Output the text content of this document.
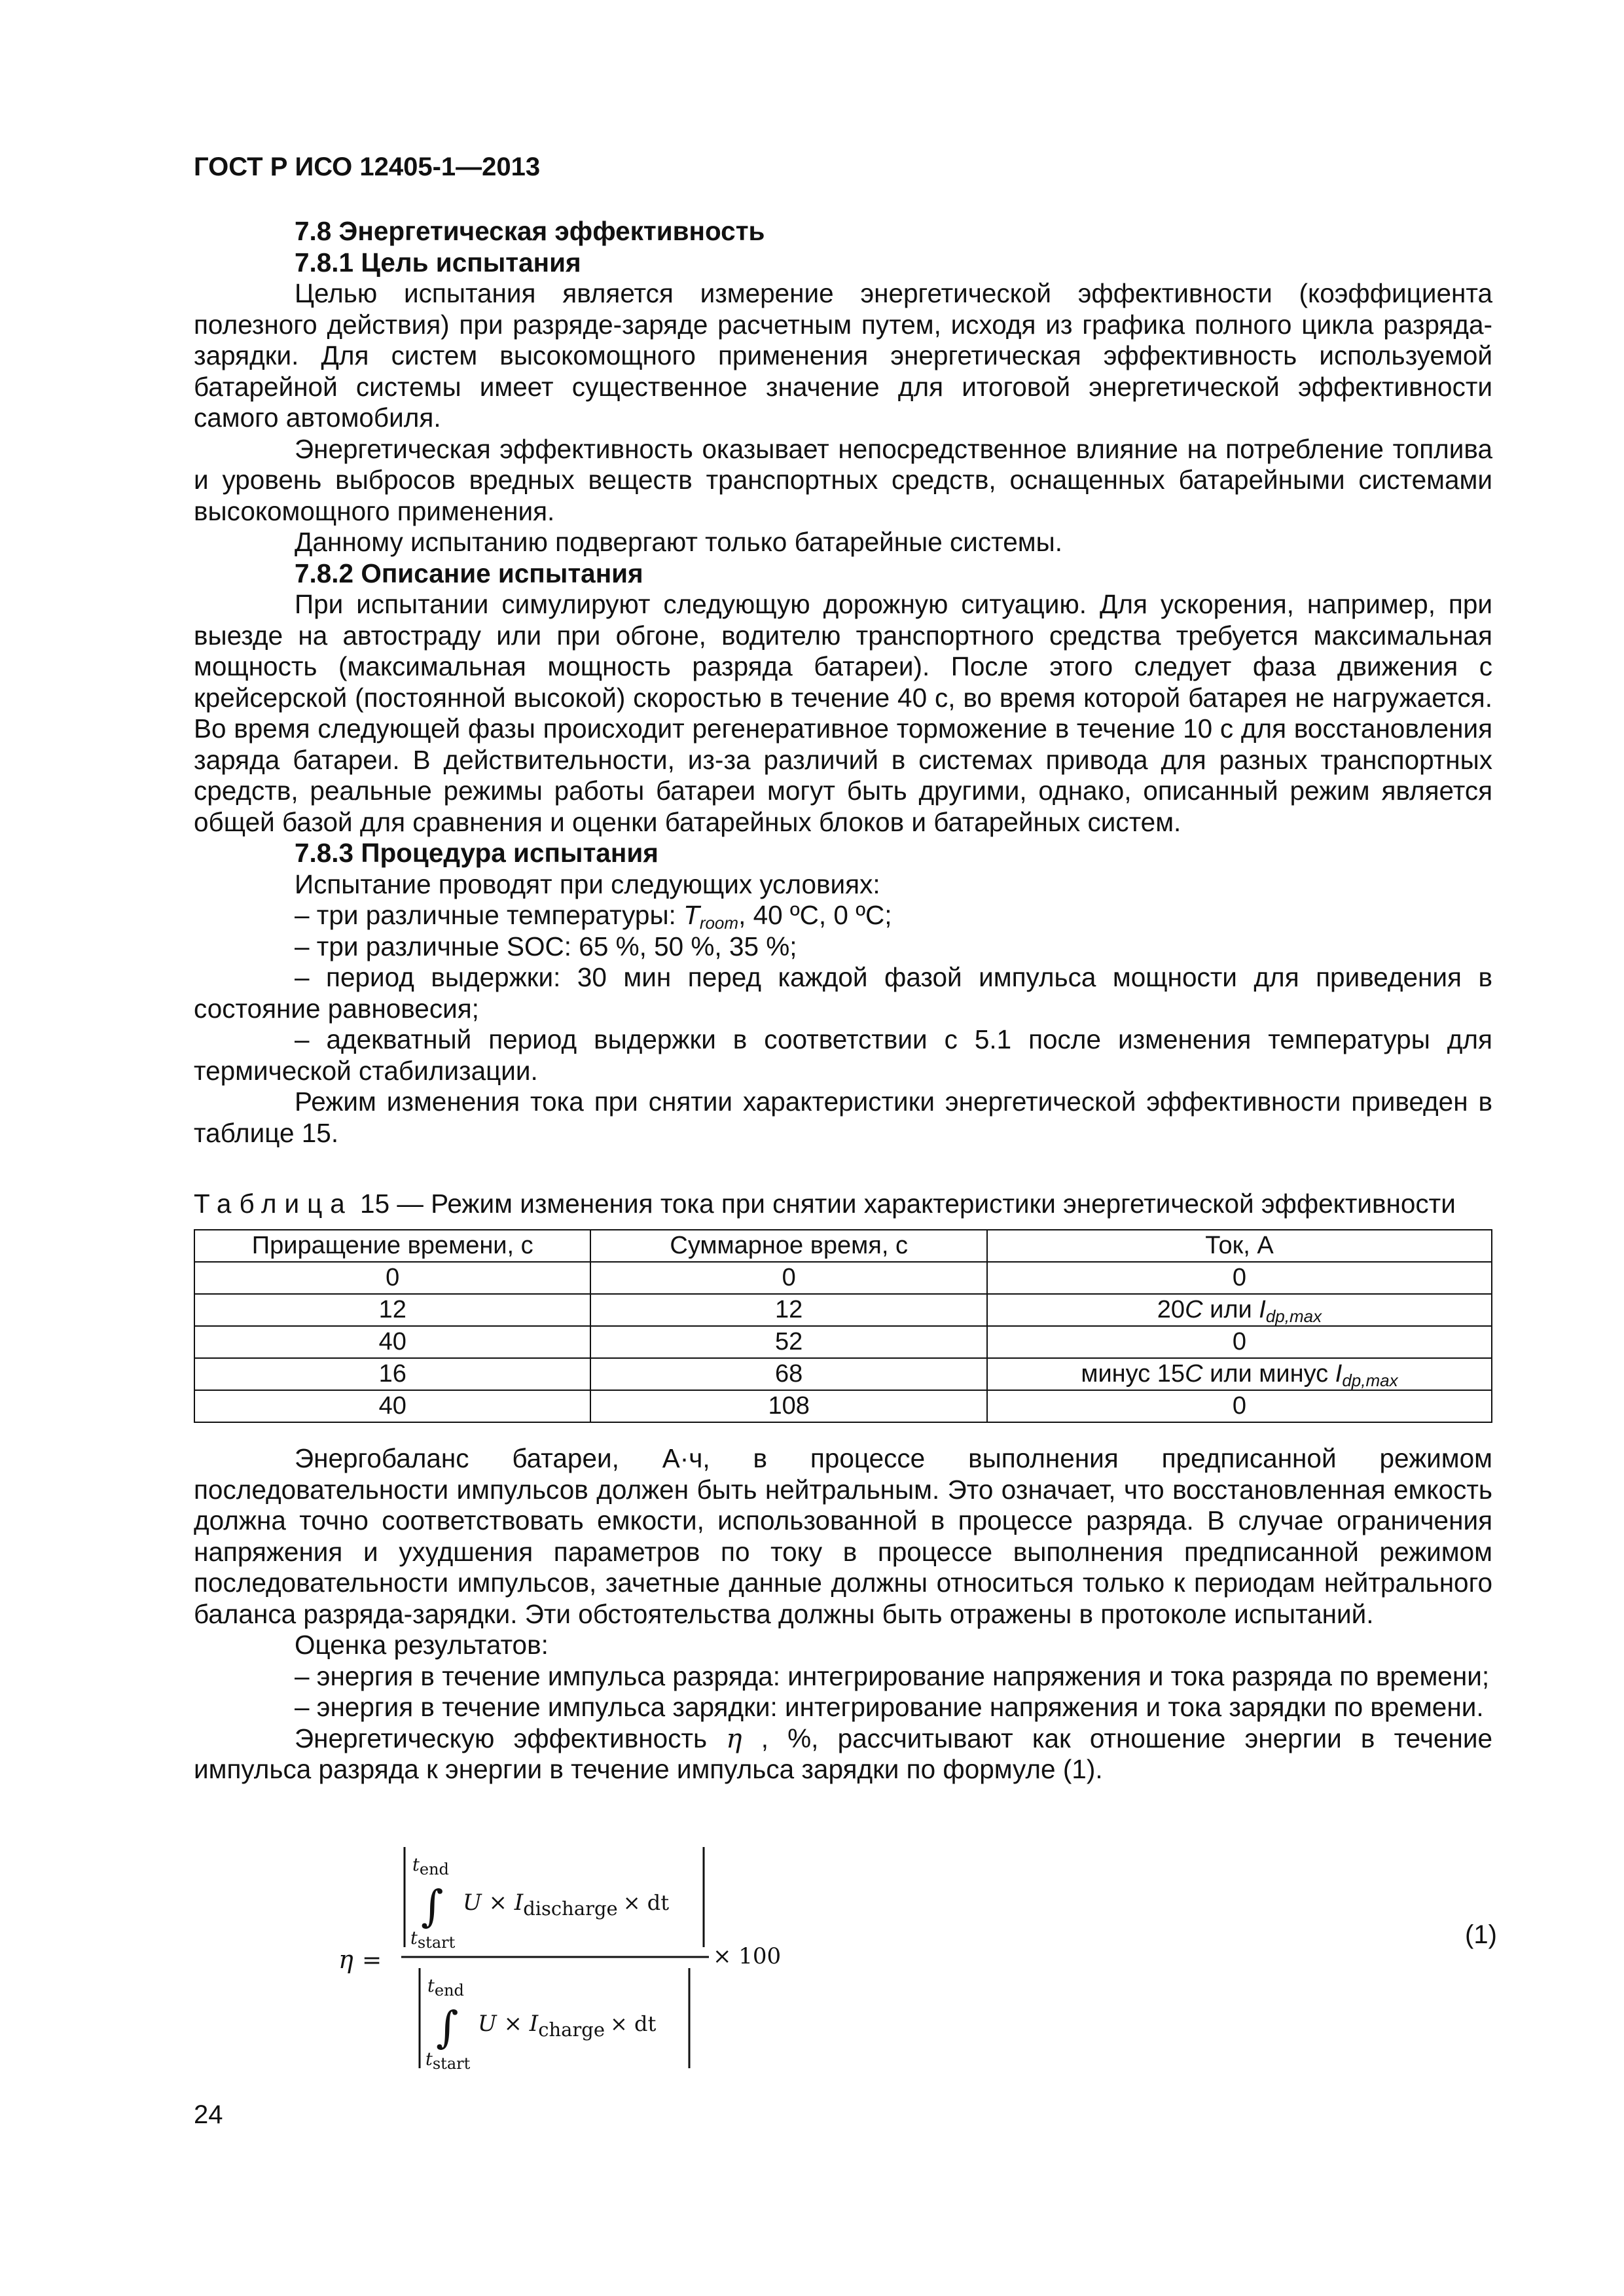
ГОСТ Р ИСО 12405-1—2013

7.8 Энергетическая эффективность

7.8.1 Цель испытания

Целью испытания является измерение энергетической эффективности (коэффициента полезного действия) при разряде-заряде расчетным путем, исходя из графика полного цикла разряда-зарядки. Для систем высокомощного применения энергетическая эффективность используемой батарейной системы имеет существенное значение для итоговой энергетической эффективности самого автомобиля.

Энергетическая эффективность оказывает непосредственное влияние на потребление топлива и уровень выбросов вредных веществ транспортных средств, оснащенных батарейными системами высокомощного применения.

Данному испытанию подвергают только батарейные системы.

7.8.2 Описание испытания

При испытании симулируют следующую дорожную ситуацию. Для ускорения, например, при выезде на автостраду или при обгоне, водителю транспортного средства требуется максимальная мощность (максимальная мощность разряда батареи). После этого следует фаза движения с крейсерской (постоянной высокой) скоростью в течение 40 с, во время которой батарея не нагружается. Во время следующей фазы происходит регенеративное торможение в течение 10 с для восстановления заряда батареи. В действительности, из-за различий в системах привода для разных транспортных средств, реальные режимы работы батареи могут быть другими, однако, описанный режим является общей базой для сравнения и оценки батарейных блоков и батарейных систем.

7.8.3 Процедура испытания

Испытание проводят при следующих условиях:

– три различные температуры: $T_{room}$, 40 ºС, 0 ºС;

– три различные SOC: 65 %, 50 %, 35 %;

– период выдержки: 30 мин перед каждой фазой импульса мощности для приведения в состояние равновесия;

– адекватный период выдержки в соответствии с 5.1 после изменения температуры для термической стабилизации.

Режим изменения тока при снятии характеристики энергетической эффективности приведен в таблице 15.

Таблица 15 — Режим изменения тока при снятии характеристики энергетической эффективности
Приращение времени, с	Суммарное время, с	Ток, А
0	0	0
12	12	20C или $I_{dp,max}$
40	52	0
16	68	минус 15C или минус $I_{dp,max}$
40	108	0

Энергобаланс батареи, А·ч, в процессе выполнения предписанной режимом последовательности импульсов должен быть нейтральным. Это означает, что восстановленная емкость должна точно соответствовать емкости, использованной в процессе разряда. В случае ограничения напряжения и ухудшения параметров по току в процессе выполнения предписанной режимом последовательности импульсов, зачетные данные должны относиться только к периодам нейтрального баланса разряда-зарядки. Эти обстоятельства должны быть отражены в протоколе испытаний.

Оценка результатов:

– энергия в течение импульса разряда: интегрирование напряжения и тока разряда по времени;

– энергия в течение импульса зарядки: интегрирование напряжения и тока зарядки по времени.

Энергетическую эффективность η , %, рассчитывают как отношение энергии в течение импульса разряда к энергии в течение импульса зарядки по формуле (1).

η =
tend
∫
tstart
U × Idischarge × dt
tend
∫
tstart
U × Icharge × dt
× 100
(1)
24
